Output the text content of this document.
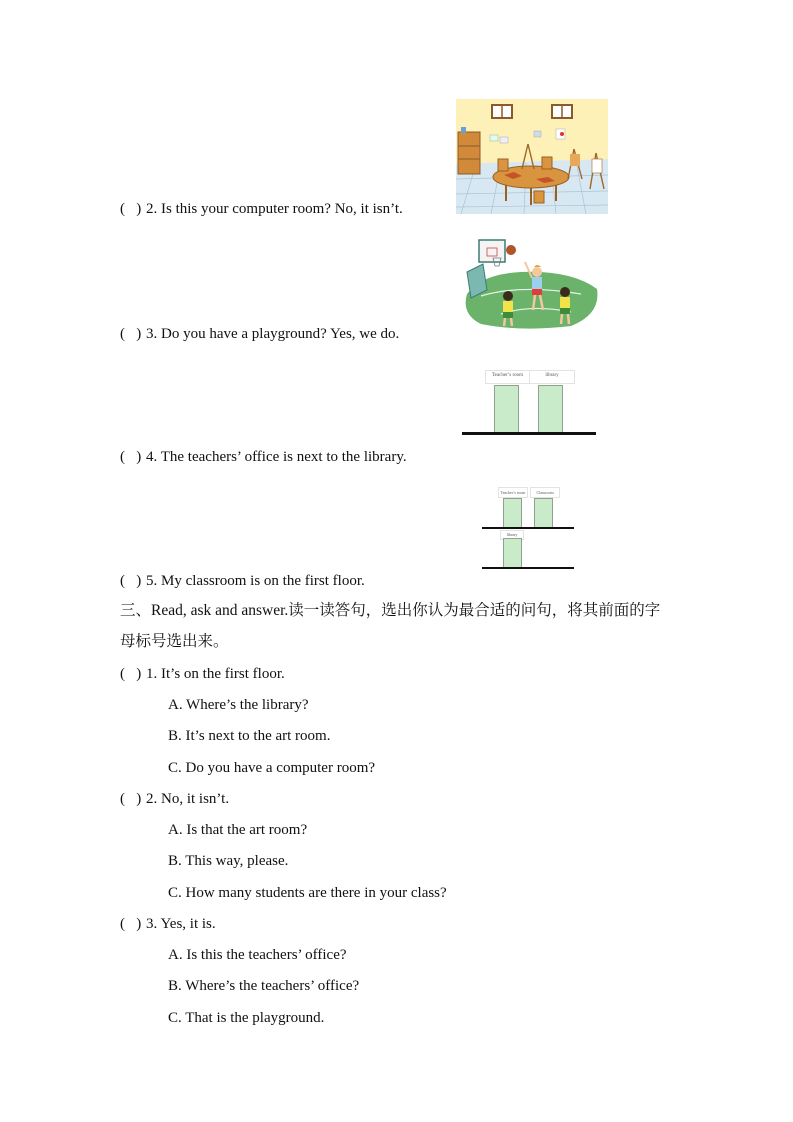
Teacher’s room	library
Teacher’s room	Classroom
library
( ) 2. Is this your computer room? No, it isn’t.
( ) 3. Do you have a playground? Yes, we do.
( ) 4. The teachers’ office is next to the library.
( ) 5. My classroom is on the first floor.
三、Read, ask and answer.读一读答句，选出你认为最合适的问句，将其前面的字
母标号选出来。
( ) 1. It’s on the first floor.
A. Where’s the library?
B. It’s next to the art room.
C. Do you have a computer room?
( ) 2. No, it isn’t.
A. Is that the art room?
B. This way, please.
C. How many students are there in your class?
( ) 3. Yes, it is.
A. Is this the teachers’ office?
B. Where’s the teachers’ office?
C. That is the playground.
